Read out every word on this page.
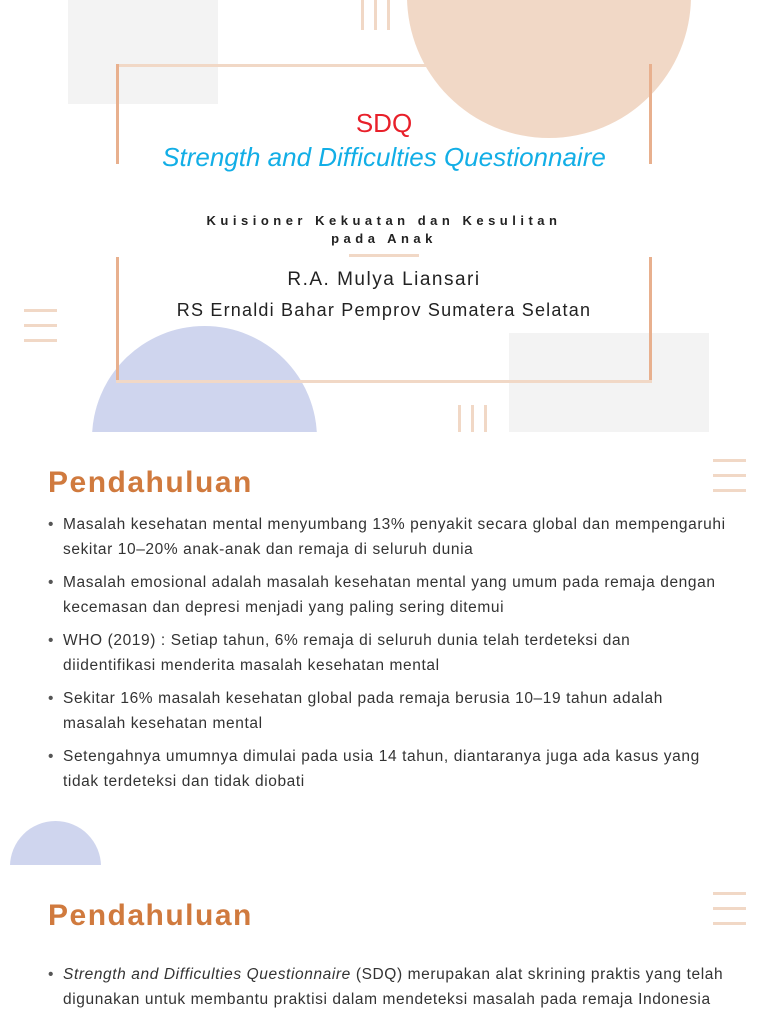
SDQ
Strength and Difficulties Questionnaire
Kuisioner Kekuatan dan Kesulitan
pada Anak
R.A. Mulya Liansari
RS Ernaldi Bahar Pemprov Sumatera Selatan
Pendahuluan
• Masalah kesehatan mental menyumbang 13% penyakit secara global dan mempengaruhi sekitar 10–20% anak-anak dan remaja di seluruh dunia
• Masalah emosional adalah masalah kesehatan mental yang umum pada remaja dengan kecemasan dan depresi menjadi yang paling sering ditemui
• WHO (2019) : Setiap tahun, 6% remaja di seluruh dunia telah terdeteksi dan diidentifikasi menderita masalah kesehatan mental
• Sekitar 16% masalah kesehatan global pada remaja berusia 10–19 tahun adalah masalah kesehatan mental
• Setengahnya umumnya dimulai pada usia 14 tahun, diantaranya juga ada kasus yang tidak terdeteksi dan tidak diobati
Pendahuluan
• Strength and Difficulties Questionnaire (SDQ) merupakan alat skrining praktis yang telah digunakan untuk membantu praktisi dalam mendeteksi masalah pada remaja Indonesia
